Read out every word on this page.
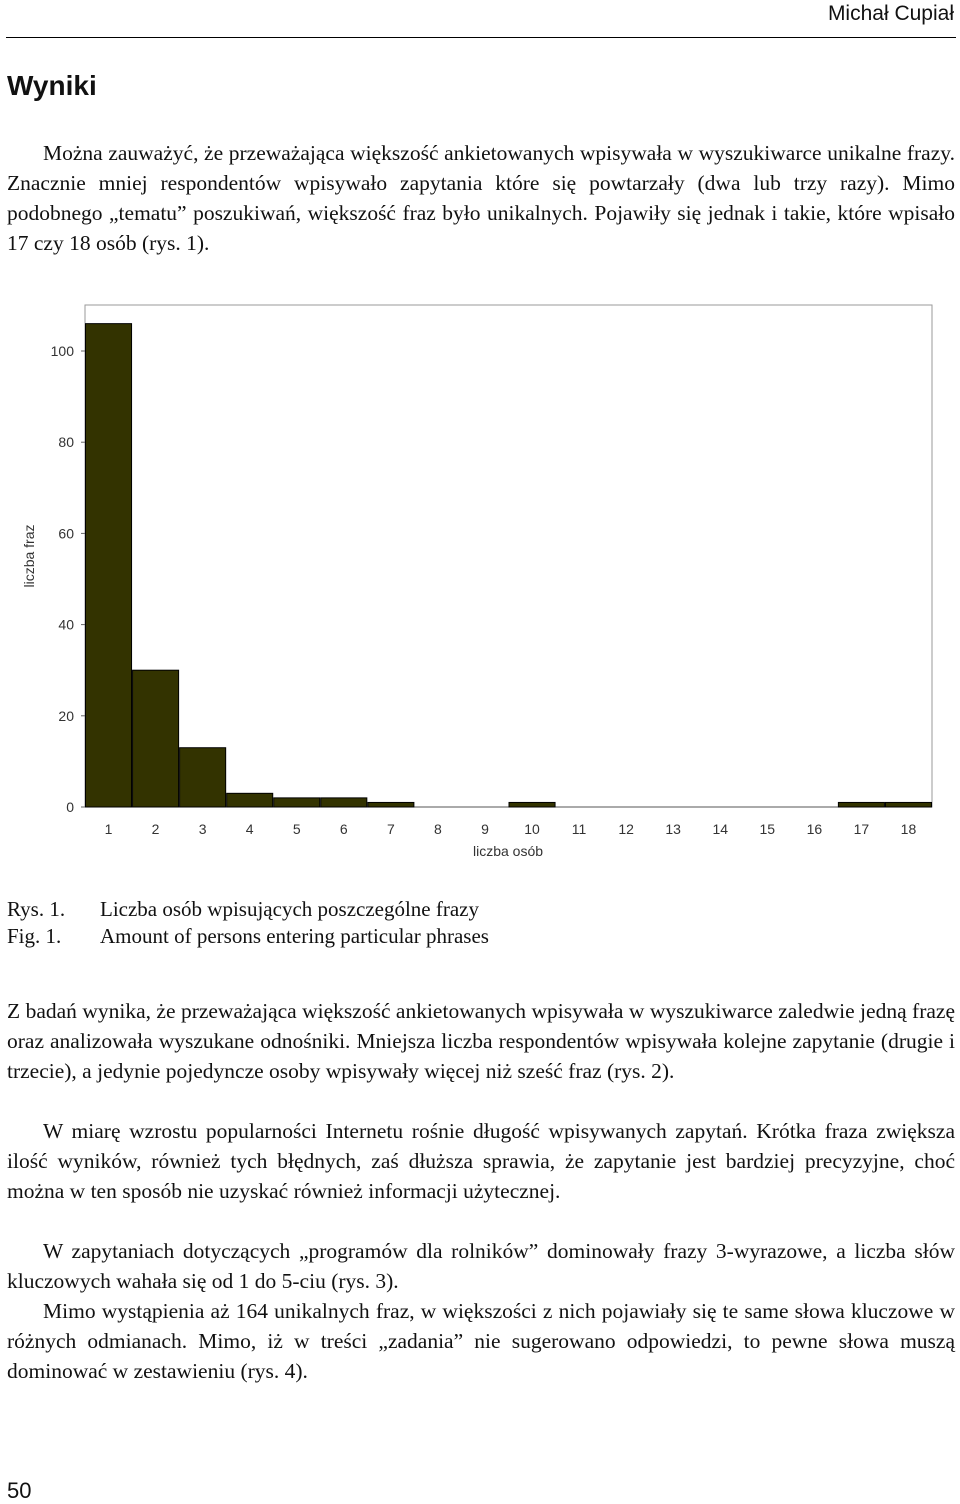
Michał Cupiał
Wyniki

Można zauważyć, że przeważająca większość ankietowanych wpisywała w wyszukiwarce unikalne frazy. Znacznie mniej respondentów wpisywało zapytania które się powtarzały (dwa lub trzy razy). Mimo podobnego „tematu” poszukiwań, większość fraz było unikalnych. Pojawiły się jednak i takie, które wpisało 17 czy 18 osób (rys. 1).

0
20
40
60
80
100
1	2	3	4	5	6	7	8	9	10 11 12 13 14 15 16 17 18
liczba fraz
liczba osób
Rys. 1. Liczba osób wpisujących poszczególne frazy
Fig. 1. Amount of persons entering particular phrases

Z badań wynika, że przeważająca większość ankietowanych wpisywała w wyszukiwarce zaledwie jedną frazę oraz analizowała wyszukane odnośniki. Mniejsza liczba respondentów wpisywała kolejne zapytanie (drugie i trzecie), a jedynie pojedyncze osoby wpisywały więcej niż sześć fraz (rys. 2).

W miarę wzrostu popularności Internetu rośnie długość wpisywanych zapytań. Krótka fraza zwiększa ilość wyników, również tych błędnych, zaś dłuższa sprawia, że zapytanie jest bardziej precyzyjne, choć można w ten sposób nie uzyskać również informacji użytecznej.

W zapytaniach dotyczących „programów dla rolników” dominowały frazy 3-wyrazowe, a liczba słów kluczowych wahała się od 1 do 5-ciu (rys. 3).

Mimo wystąpienia aż 164 unikalnych fraz, w większości z nich pojawiały się te same słowa kluczowe w różnych odmianach. Mimo, iż w treści „zadania” nie sugerowano odpowiedzi, to pewne słowa muszą dominować w zestawieniu (rys. 4).

50
